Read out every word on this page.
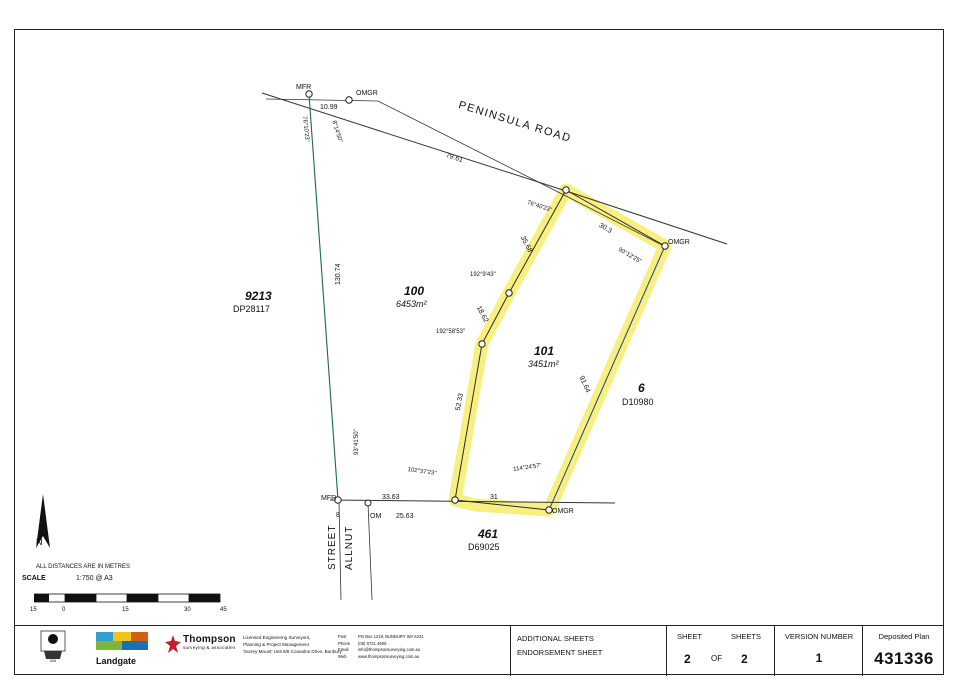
PENINSULA ROAD
ALLNUT
STREET
9213
DP28117
100
6453m²
101
3451m²
461
D69025
6
D10980
MFR
OMGR
OMGR
OMGR
MFR
OM
76°10'23"	8°14'50"
76°40'23"
90°12'25"
192°9'43"
192°58'53"
102°37'23"	114°24'57"
93°41'50"
10.99
79.61
30.3
35.68
18.62
52.33
31
91.64
130.74
33.63
25.63
8
N
SCALE	1:750 @ A3
15	0	15	30	45
ALL DISTANCES ARE IN METRES
WA	Landgate
Thompson
surveying & associates
Licensed Engineering Surveyors,
Planning & Project Management
'Surrey Mount' Unit 6/8 Coovalne Drive, Bunbury
Post
Phone
Email
Web
PO Box 1219, BUNBURY WA 6231
(08) 9721 4606
info@thompsonsurveying.com.au
www.thompsonsurveying.com.au
ADDITIONAL SHEETS
ENDORSEMENT SHEET
SHEET	SHEETS
2	OF 2
VERSION NUMBER
1
Deposited Plan
431336
